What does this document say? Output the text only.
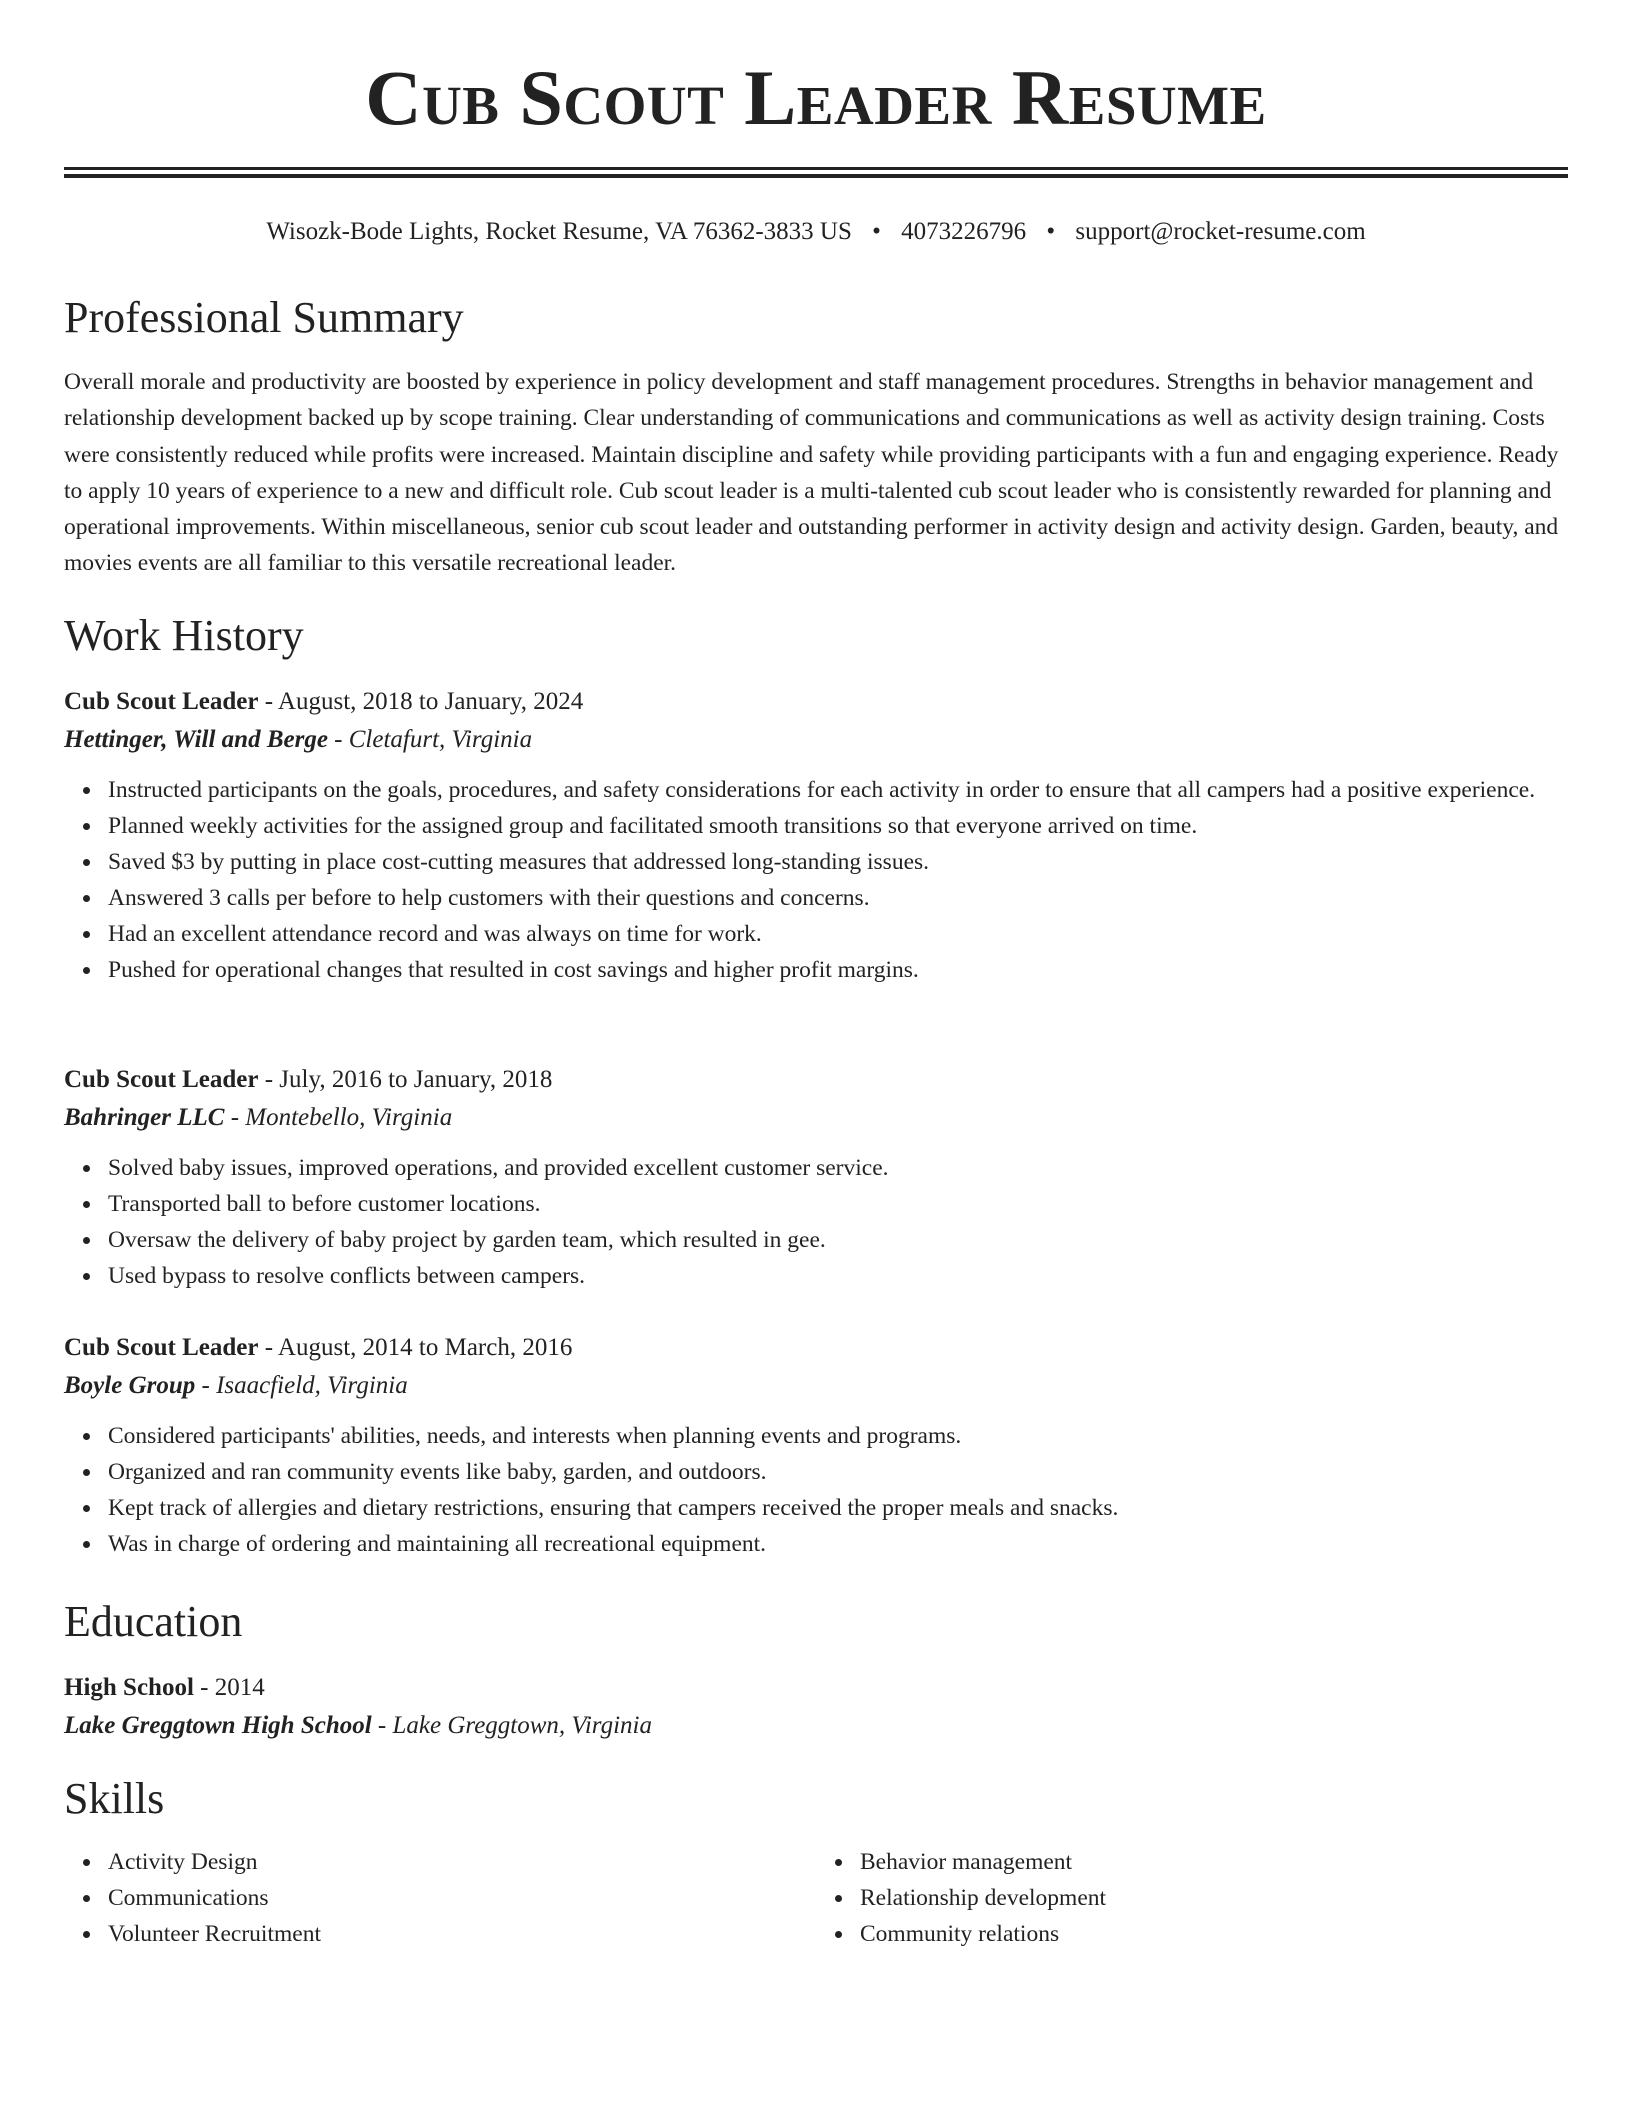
Cub Scout Leader Resume
Wisozk-Bode Lights, Rocket Resume, VA 76362-3833 US • 4073226796 • support@rocket-resume.com
Professional Summary

Overall morale and productivity are boosted by experience in policy development and staff management procedures. Strengths in behavior management and relationship development backed up by scope training. Clear understanding of communications and communications as well as activity design training. Costs were consistently reduced while profits were increased. Maintain discipline and safety while providing participants with a fun and engaging experience. Ready to apply 10 years of experience to a new and difficult role. Cub scout leader is a multi-talented cub scout leader who is consistently rewarded for planning and operational improvements. Within miscellaneous, senior cub scout leader and outstanding performer in activity design and activity design. Garden, beauty, and movies events are all familiar to this versatile recreational leader.

Work History
Cub Scout Leader - August, 2018 to January, 2024
Hettinger, Will and Berge - Cletafurt, Virginia
Instructed participants on the goals, procedures, and safety considerations for each activity in order to ensure that all campers had a positive experience.
Planned weekly activities for the assigned group and facilitated smooth transitions so that everyone arrived on time.
Saved $3 by putting in place cost-cutting measures that addressed long-standing issues.
Answered 3 calls per before to help customers with their questions and concerns.
Had an excellent attendance record and was always on time for work.
Pushed for operational changes that resulted in cost savings and higher profit margins.
Cub Scout Leader - July, 2016 to January, 2018
Bahringer LLC - Montebello, Virginia
Solved baby issues, improved operations, and provided excellent customer service.
Transported ball to before customer locations.
Oversaw the delivery of baby project by garden team, which resulted in gee.
Used bypass to resolve conflicts between campers.
Cub Scout Leader - August, 2014 to March, 2016
Boyle Group - Isaacfield, Virginia
Considered participants' abilities, needs, and interests when planning events and programs.
Organized and ran community events like baby, garden, and outdoors.
Kept track of allergies and dietary restrictions, ensuring that campers received the proper meals and snacks.
Was in charge of ordering and maintaining all recreational equipment.
Education
High School - 2014
Lake Greggtown High School - Lake Greggtown, Virginia
Skills
Activity Design
Communications
Volunteer Recruitment
Behavior management
Relationship development
Community relations
